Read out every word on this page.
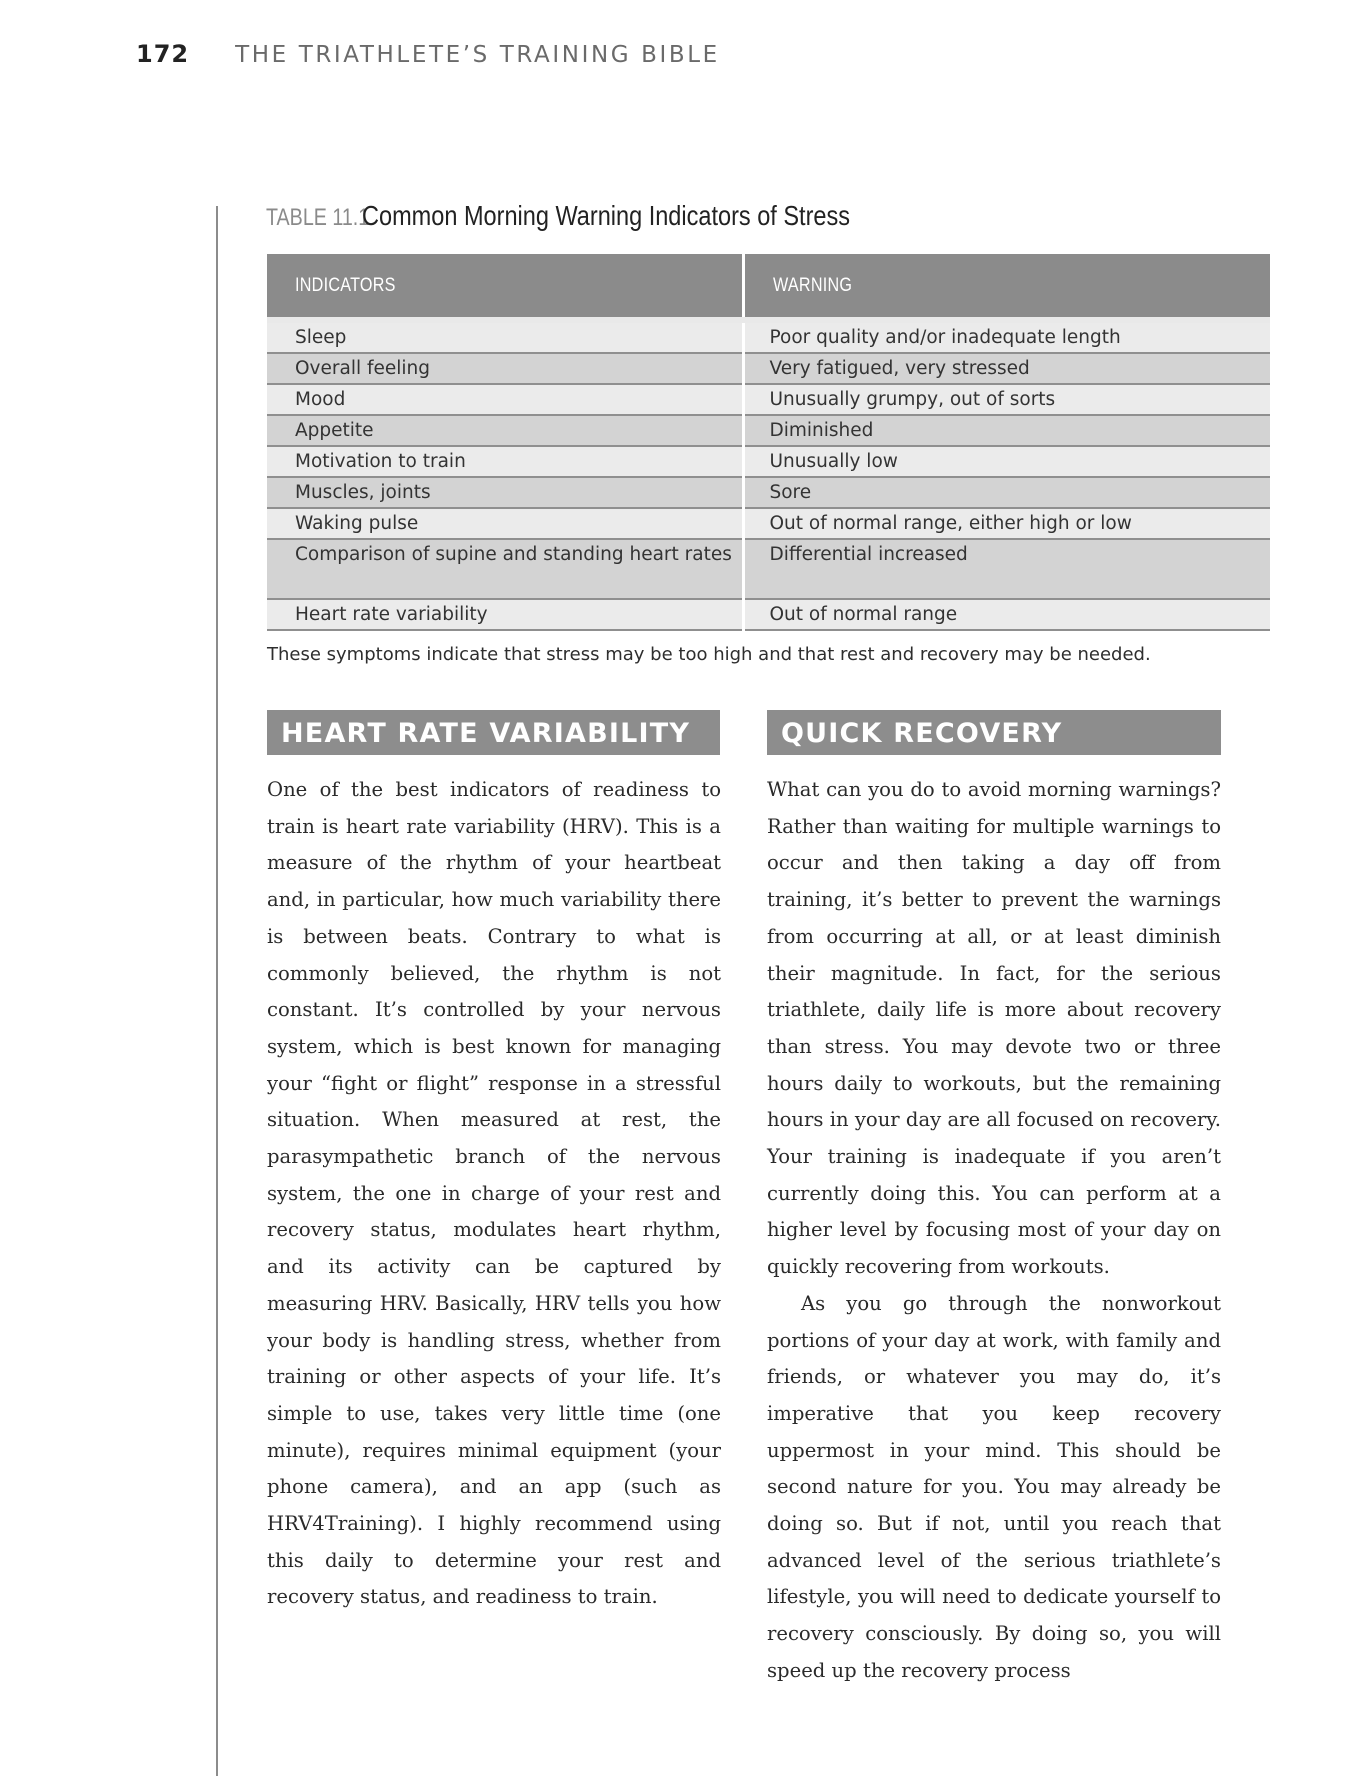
172 THE TRIATHLETE’S TRAINING BIBLE
TABLE 11.1
Common Morning Warning Indicators of Stress
INDICATORS	WARNING
Sleep	Poor quality and/or inadequate length
Overall feeling	Very fatigued, very stressed
Mood	Unusually grumpy, out of sorts
Appetite	Diminished
Motivation to train	Unusually low
Muscles, joints	Sore
Waking pulse	Out of normal range, either high or low
Comparison of supine and standing heart rates	Differential increased
Heart rate variability	Out of normal range
These symptoms indicate that stress may be too high and that rest and recovery may be needed.
HEART RATE VARIABILITY	QUICK RECOVERY

One of the best indicators of readiness to train is heart rate variability (HRV). This is a measure of the rhythm of your heartbeat and, in particular, how much variability there is between beats. Contrary to what is commonly believed, the rhythm is not constant. It’s controlled by your nervous system, which is best known for managing your “fight or flight” response in a stressful situation. When measured at rest, the parasympathetic branch of the nervous system, the one in charge of your rest and recovery status, modulates heart rhythm, and its activity can be captured by measuring HRV. Basically, HRV tells you how your body is handling stress, whether from training or other aspects of your life. It’s simple to use, takes very little time (one minute), requires minimal equipment (your phone camera), and an app (such as HRV4Training). I highly recommend using this daily to determine your rest and recovery status, and readiness to train.

What can you do to avoid morning warnings? Rather than waiting for multiple warnings to occur and then taking a day off from training, it’s better to prevent the warnings from occurring at all, or at least diminish their magnitude. In fact, for the serious triathlete, daily life is more about recovery than stress. You may devote two or three hours daily to workouts, but the remaining hours in your day are all focused on recovery. Your training is inadequate if you aren’t currently doing this. You can perform at a higher level by focusing most of your day on quickly recovering from workouts.

As you go through the nonworkout portions of your day at work, with family and friends, or whatever you may do, it’s imperative that you keep recovery uppermost in your mind. This should be second nature for you. You may already be doing so. But if not, until you reach that advanced level of the serious triathlete’s lifestyle, you will need to dedicate yourself to recovery consciously. By doing so, you will speed up the recovery process
